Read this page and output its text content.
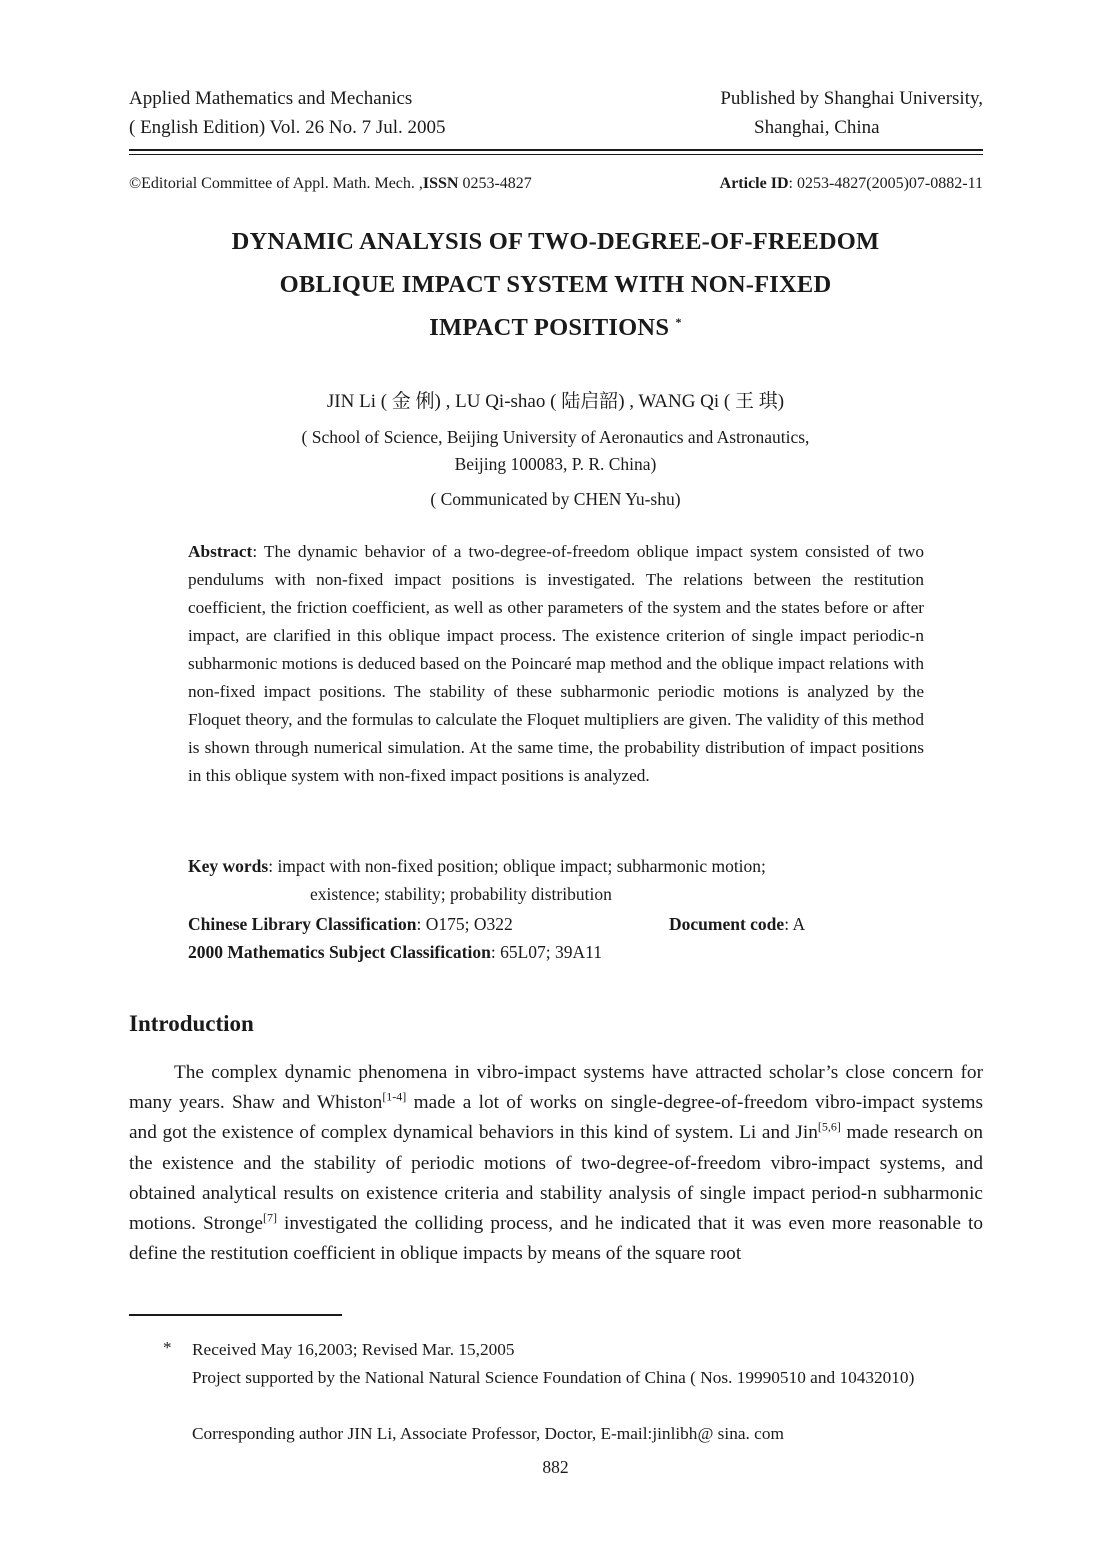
Applied Mathematics and Mechanics
( English Edition) Vol. 26 No. 7 Jul. 2005
Published by Shanghai University,
Shanghai, China
©Editorial Committee of Appl. Math. Mech. ,ISSN 0253-4827	Article ID: 0253-4827(2005)07-0882-11
DYNAMIC ANALYSIS OF TWO-DEGREE-OF-FREEDOM
OBLIQUE IMPACT SYSTEM WITH NON-FIXED
IMPACT POSITIONS *
JIN Li ( 金 俐) , LU Qi-shao ( 陆启韶) , WANG Qi ( 王 琪)
( School of Science, Beijing University of Aeronautics and Astronautics,
Beijing 100083, P. R. China)
( Communicated by CHEN Yu-shu)
Abstract: The dynamic behavior of a two-degree-of-freedom oblique impact system consisted of two pendulums with non-fixed impact positions is investigated. The relations between the restitution coefficient, the friction coefficient, as well as other parameters of the system and the states before or after impact, are clarified in this oblique impact process. The existence criterion of single impact periodic-n subharmonic motions is deduced based on the Poincaré map method and the oblique impact relations with non-fixed impact positions. The stability of these subharmonic periodic motions is analyzed by the Floquet theory, and the formulas to calculate the Floquet multipliers are given. The validity of this method is shown through numerical simulation. At the same time, the probability distribution of impact positions in this oblique system with non-fixed impact positions is analyzed.
Key words: impact with non-fixed position; oblique impact; subharmonic motion;
existence; stability; probability distribution
Chinese Library Classification: O175; O322	Document code: A
2000 Mathematics Subject Classification: 65L07; 39A11
Introduction
The complex dynamic phenomena in vibro-impact systems have attracted scholar’s close concern for many years. Shaw and Whiston[1-4] made a lot of works on single-degree-of-freedom vibro-impact systems and got the existence of complex dynamical behaviors in this kind of system. Li and Jin[5,6] made research on the existence and the stability of periodic motions of two-degree-of-freedom vibro-impact systems, and obtained analytical results on existence criteria and stability analysis of single impact period-n subharmonic motions. Stronge[7] investigated the colliding process, and he indicated that it was even more reasonable to define the restitution coefficient in oblique impacts by means of the square root
* Received May 16,2003; Revised Mar. 15,2005
Project supported by the National Natural Science Foundation of China ( Nos. 19990510 and 10432010)
Corresponding author JIN Li, Associate Professor, Doctor, E-mail:jinlibh@ sina. com
882
